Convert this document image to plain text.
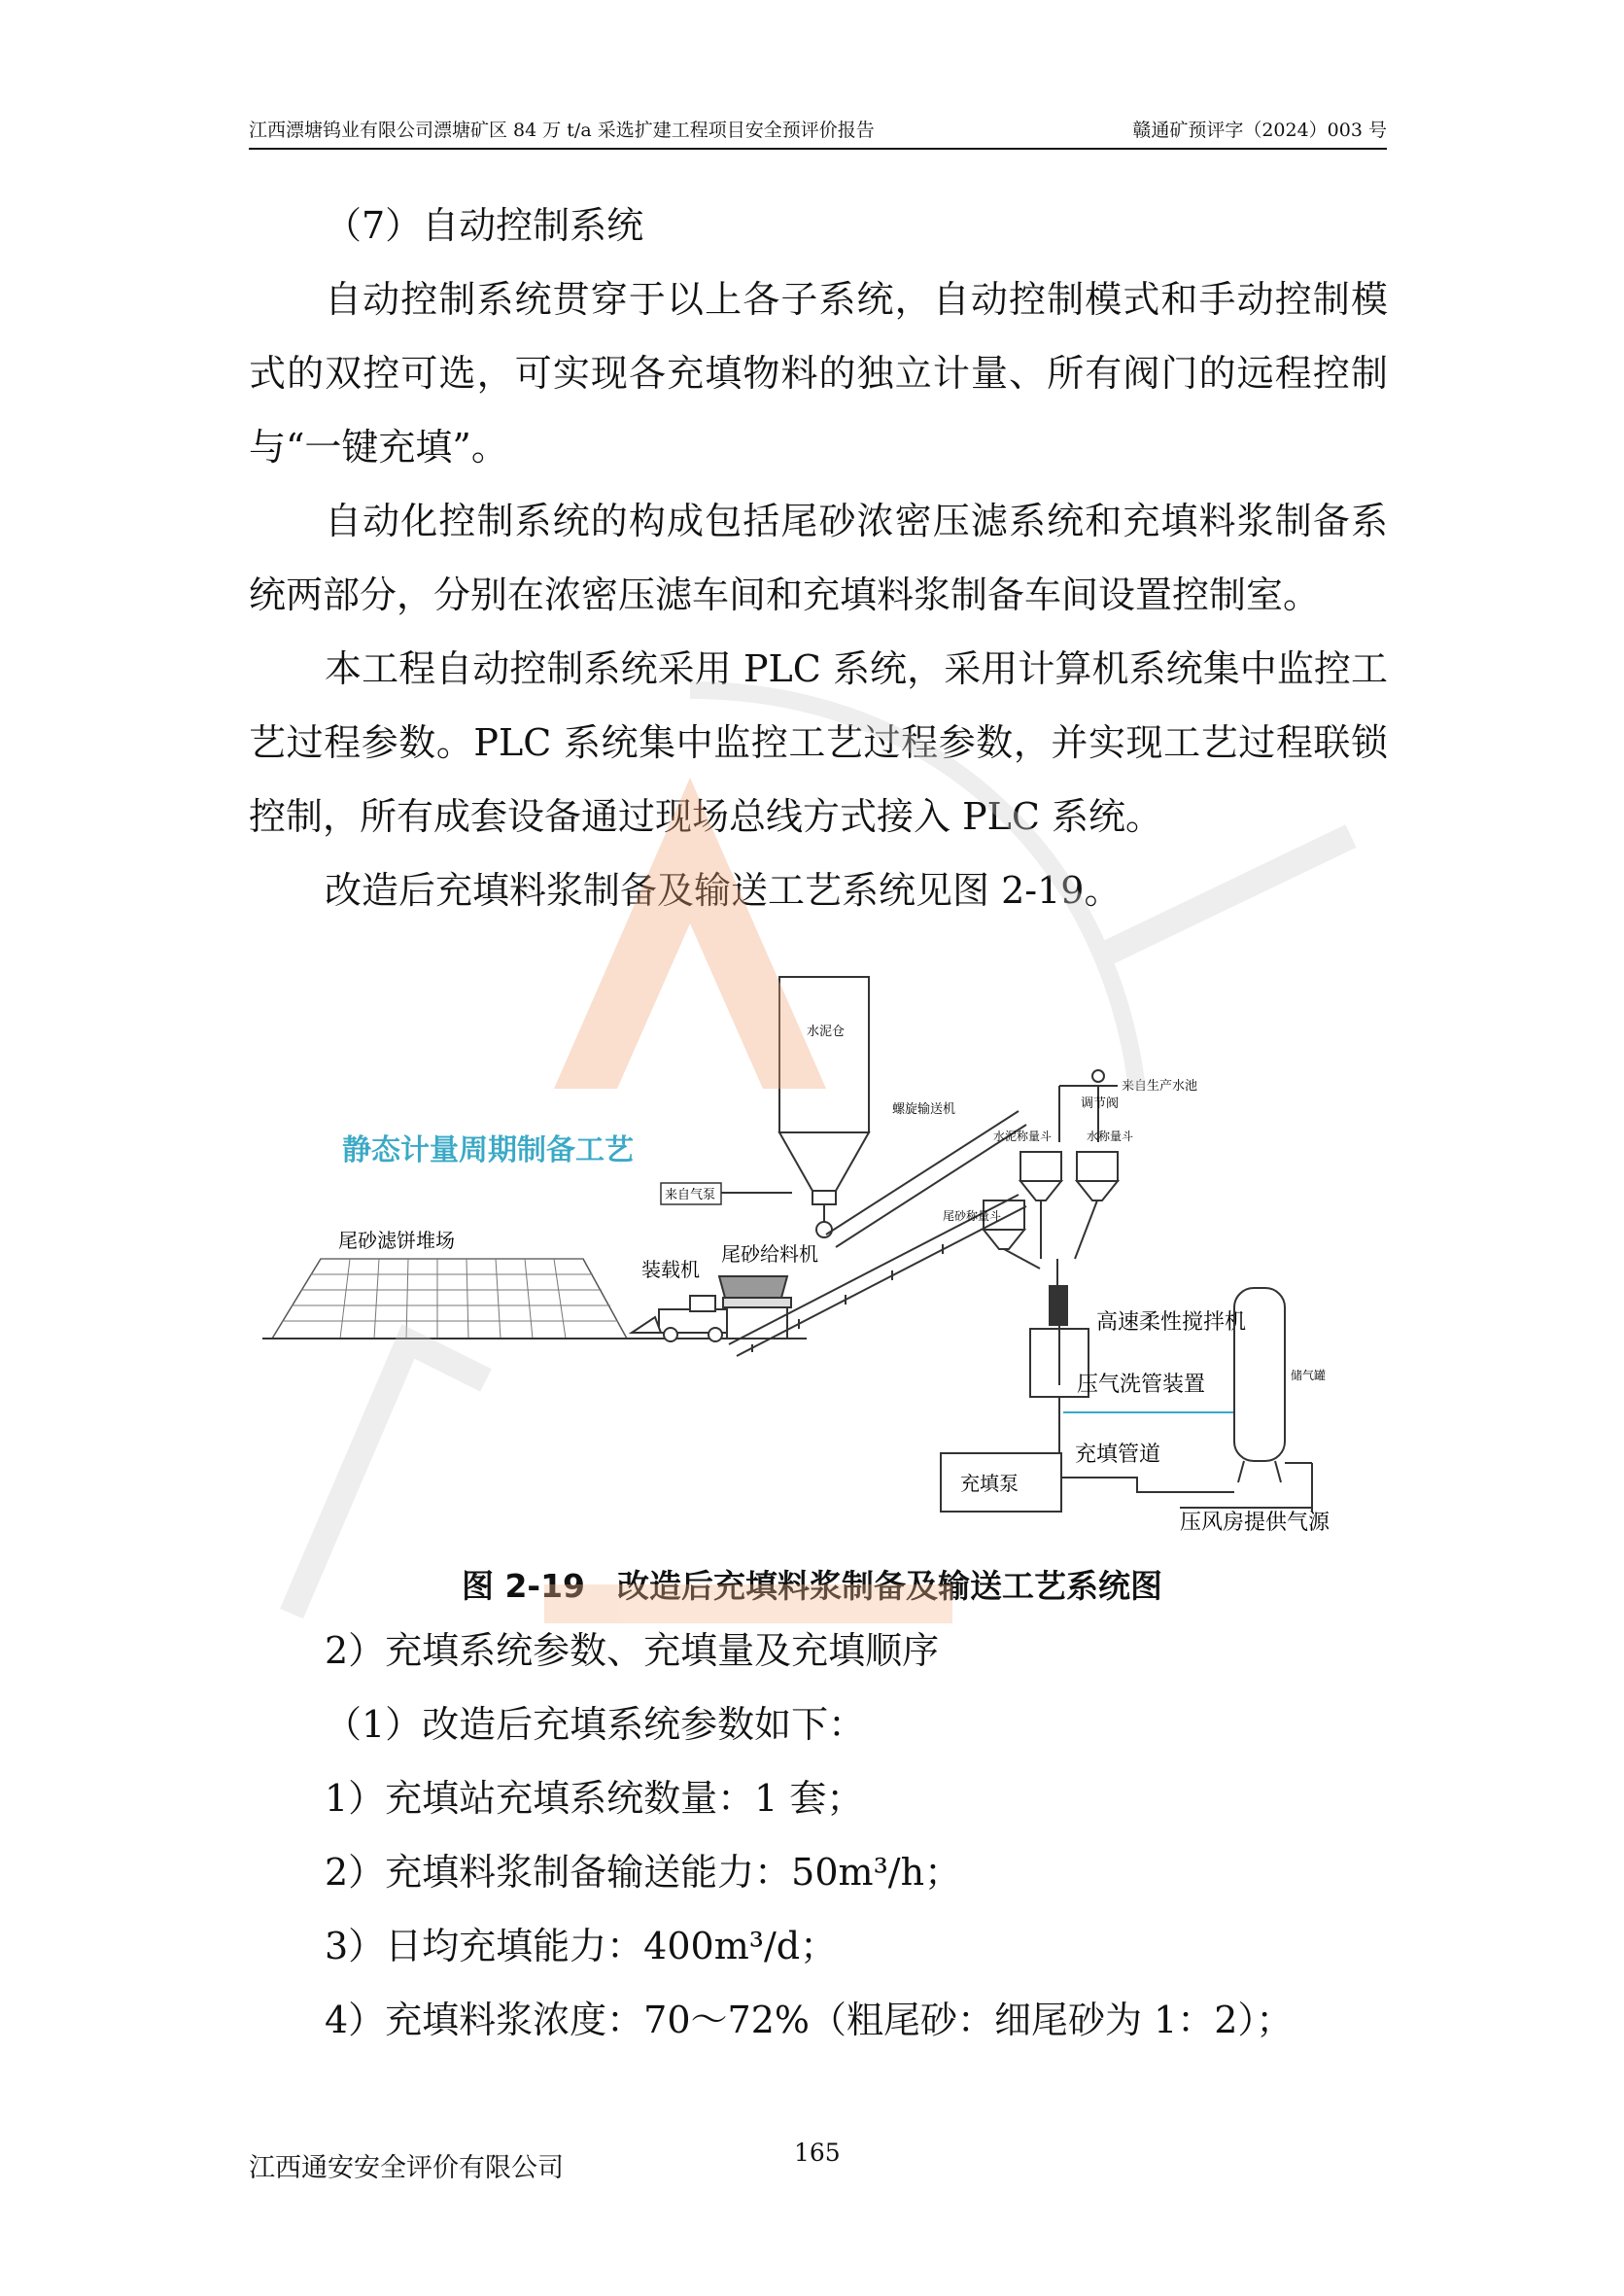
江西漂塘钨业有限公司漂塘矿区 84 万 t/a 采选扩建工程项目安全预评价报告	赣通矿预评字（2024）003 号

（7）自动控制系统

自动控制系统贯穿于以上各子系统，自动控制模式和手动控制模式的双控可选，可实现各充填物料的独立计量、所有阀门的远程控制与“一键充填”。

自动化控制系统的构成包括尾砂浓密压滤系统和充填料浆制备系统两部分，分别在浓密压滤车间和充填料浆制备车间设置控制室。

本工程自动控制系统采用 PLC 系统，采用计算机系统集中监控工艺过程参数。PLC 系统集中监控工艺过程参数，并实现工艺过程联锁控制，所有成套设备通过现场总线方式接入 PLC 系统。

改造后充填料浆制备及输送工艺系统见图 2-19。

静态计量周期制备工艺
水泥仓
来自气泵
螺旋输送机
来自生产水池
调节阀
水泥称量斗	水称量斗
尾砂称量斗
高速柔性搅拌机
压气洗管装置	储气罐
充填泵
充填管道
压风房提供气源
尾砂滤饼堆场
装载机
尾砂给料机
图 2-19　改造后充填料浆制备及输送工艺系统图

2）充填系统参数、充填量及充填顺序

（1）改造后充填系统参数如下：

1）充填站充填系统数量：1 套；

2）充填料浆制备输送能力：50m³/h；

3）日均充填能力：400m³/d；

4）充填料浆浓度：70～72%（粗尾砂：细尾砂为 1：2）；

江西通安安全评价有限公司
165
